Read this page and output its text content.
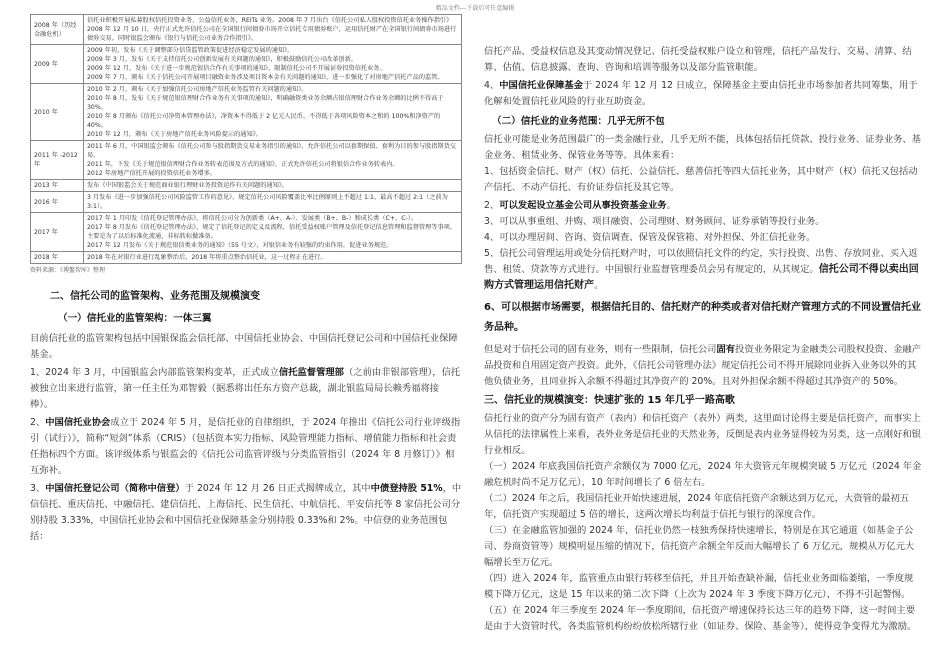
精品文档---下载后可任意编辑
2008 年（历经金融危机）	信托业积极开展私募股权信托投资业务、公益信托业务，REITs 业务。2008 年 7 月出台《信托公司私人股权投资信托业务操作指引》
2008 年 12 月 10 日，央行正式允许信托公司在全国银行间债券市场开立信托专用债券账户，运用信托财产在全国银行间债券市场进行债券交易。同时银监会颁布《银行与信托公司业务合作指引》。
2009 年	2009 年初，发布《关于调整部分信贷监管政策促进经济稳定发展的通知》。
2009 年 3 月，发布《关于支持信托公司创新发展有关问题的通知》，积极鼓励信托公司改革创新。
2009 年 12 月，发布《关于进一步规范银信合作有关事项的通知》，限制信托公司不开展证券投资信托业务。
2009 年 7 月，颁布《关于信托公司开展项目融资业务涉及项目资本金有关问题的通知》，进一步强化了对房地产信托产品的监管。
2010 年	2010 年 2 月，颁布《关于加强信托公司房地产信托业务监管有关问题的通知》。
2010 年 8 月，发布《关于规范银信理财合作业务有关事项的通知》，明确融资类业务余额占银信理财合作业务余额的比例不得高于 30%。
2010 年 8 月颁布《信托公司净资本管理办法》，净资本不得低于 2 亿元人民币，不得低于各项风险资本之和的 100%和净资产的 40%。
2010 年 12 月，颁布《关于房地产信托业务风险提示的通知》。
2011 年 -2012 年	2011 年 6 月，中国银监会颁布《信托公司参与股指期货交易业务指引的通知》，允许信托公司以套期保值、套利为目的参与股指期货交易。
2011 年，下发《关于规范银信理财合作业务转表范围及方式的通知》，正式允许信托公司将银信合作业务转表内。
2012 年房地产信托开展的投资信托业务增多。
2013 年	发布《中国银监会关于规范商业银行理财业务投资运作有关问题的通知》。
2016 年	3 月发布《进一步加强信托公司风险监管工作的意见》，规定信托公司风险覆盖比率比例原则上不超过 1:1，最高不超过 2:1（之前为 3:1）。
2017 年	2017 年 1 月印发《信托登记管理办法》，将信托公司分为创新类（A+、A-）、发展类（B+、B-）和成长类（C+、C-）。
2017 年 8 月发布《信托登记管理办法》，规定了信托登记的定义及流程，信托受益权账户管理及信托登记信息管理和监督管理等事项。主要是为了以后标准化流通，非标转标做准备。
2017 年 12 月发布《关于规范银信类业务的通知》（55 号文），对银信业务有较强的约束作用，促进业务规范。
2018 年	2018 年在对银行业进行乱象整治后，2018 年将重点整治信托业，这一过程正在进行。
资料来源：《博鳌智库》整理
二、信托公司的监管架构、业务范围及规模演变
（一）信托业的监管架构：一体三翼

目前信托业的监管架构包括中国银保监会信托部、中国信托业协会、中国信托登记公司和中国信托业保障基金。

1、2024 年 3 月，中国银监会内部监管架构变革，正式成立信托监督管理部（之前由非银部管理），信托被独立出来进行监管，第一任主任为邓智毅（据悉将出任东方资产总裁，湖北银监局局长赖秀福将接棒）。

2、中国信托业协会成立于 2024 年 5 月，是信托业的自律组织，于 2024 年推出《信托公司行业评级指引（试行）》，简称“短剑”体系（CRIS）（包括资本实力指标、风险管理能力指标、增值能力指标和社会责任指标四个方面。该评级体系与银监会的《信托公司监管评级与分类监管指引（2024 年 8 月修订）》相互弥补。

3、中国信托登记公司（简称中信登）于 2024 年 12 月 26 日正式揭牌成立，其中中债登持股 51%，中信信托、重庆信托、中融信托、建信信托、上海信托、民生信托、中航信托、平安信托等 8 家信托公司分别持股 3.33%，中国信托业协会和中国信托业保障基金分别持股 0.33%和 2%。中信登的业务范围包括：

信托产品、受益权信息及其变动情况登记、信托受益权账户设立和管理，信托产品发行、交易、清算、结算、估值、信息披露、查询、咨询和培训等服务以及部分监管职能。

4、中国信托业保障基金于 2024 年 12 月 12 日成立，保障基金主要由信托业市场参加者共同筹集，用于化解和处置信托业风险的行业互助资金。

（二）信托业的业务范围：几乎无所不包

信托业可能是业务范围最广的一类金融行业，几乎无所不能，具体包括信托贷款、投行业务、证券业务、基金业务、租赁业务、保管业务等等。具体来看：

1、包括资金信托、财产（权）信托、公益信托、慈善信托等四大信托业务，其中财产（权）信托又包括动产信托、不动产信托、有价证券信托及其它等。

2、可以发起设立基金公司从事投资基金业务。

3、可以从事重组、并购、项目融资、公司理财、财务顾问、证券承销等投行业务。

4、可以办理居间、咨询、资信调查、保管及保管箱、对外担保、外汇信托业务。

5、信托公司管理运用或处分信托财产时，可以依照信托文件的约定，实行投资、出售、存放同业、买入返售、租赁、贷款等方式进行。中国银行业监督管理委员会另有规定的，从其规定。信托公司不得以卖出回购方式管理运用信托财产。

6、可以根据市场需要，根据信托目的、信托财产的种类或者对信托财产管理方式的不同设置信托业务品种。

但是对于信托公司的固有业务，则有一些限制，信托公司固有投资业务限定为金融类公司股权投资、金融产品投资和自用固定资产投资。此外，《信托公司管理办法》规定信托公司不得开展除同业拆入业务以外的其他负债业务，且同业拆入余额不得超过其净资产的 20%。且对外担保余额不得超过其净资产的 50%。

三、信托业的规模演变：快速扩张的 15 年几乎一路高歌

信托行业的资产分为固有资产（表内）和信托资产（表外）两类，这里面讨论得主要是信托资产，而事实上从信托的法律属性上来看，表外业务是信托业的天然业务，反倒是表内业务显得较为另类，这一点刚好和银行业相反。

（一）2024 年底我国信托资产余额仅为 7000 亿元，2024 年大资管元年规模突破 5 万亿元（2024 年金融危机时尚不足万亿元），10 年时间增长了 6 倍左右。

（二）2024 年之后，我国信托业开始快速进展，2024 年底信托资产余额达到万亿元，大资管的最初五年，信托资产实现超过 5 倍的增长，这两次增长均利益于信托与银行的深度合作。

（三）在金融监管加强的 2024 年，信托业仍然一枝独秀保持快速增长，特别是在其它通道（如基金子公司、券商资管等）规模明显压缩的情况下，信托资产余额全年反而大幅增长了 6 万亿元，规模从万亿元大幅增长至万亿元。

（四）进入 2024 年，监管重点由银行转移至信托，并且开始查缺补漏，信托业业务面临萎缩，一季度规模下降万亿元，这是 15 年以来的第二次下降（上次为 2024 年 3 季度下降万亿元），不得不引起警惕。

（五）在 2024 年三季度至 2024 年一季度期间，信托资产增速保持长达三年的趋势下降，这一时间主要是由于大资管时代，各类监管机构纷纷放松所辖行业（如证券、保险、基金等），使得竞争变得尤为激励。
